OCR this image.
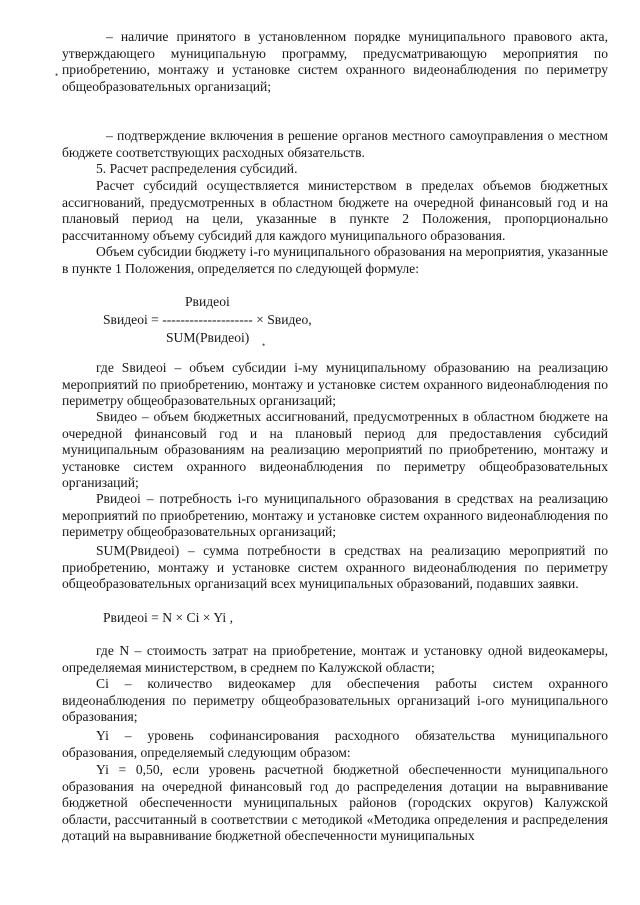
– наличие принятого в установленном порядке муниципального правового акта, утверждающего муниципальную программу, предусматривающую мероприятия по приобретению, монтажу и установке систем охранного видеонаблюдения по периметру общеобразовательных организаций;

•

– подтверждение включения в решение органов местного самоуправления о местном бюджете соответствующих расходных обязательств.

5. Расчет распределения субсидий.

Расчет субсидий осуществляется министерством в пределах объемов бюджетных ассигнований, предусмотренных в областном бюджете на очередной финансовый год и на плановый период на цели, указанные в пункте 2 Положения, пропорционально рассчитанному объему субсидий для каждого муниципального образования.

Объем субсидии бюджету i-го муниципального образования на мероприятия, указанные в пункте 1 Положения, определяется по следующей формуле:

Pвидеоi
Sвидеоi = -------------------- × Sвидео,
SUM(Pвидеоi) •

где Sвидеоi – объем субсидии i-му муниципальному образованию на реализацию мероприятий по приобретению, монтажу и установке систем охранного видеонаблюдения по периметру общеобразовательных организаций;

Sвидео – объем бюджетных ассигнований, предусмотренных в областном бюджете на очередной финансовый год и на плановый период для предоставления субсидий муниципальным образованиям на реализацию мероприятий по приобретению, монтажу и установке систем охранного видеонаблюдения по периметру общеобразовательных организаций;

Pвидеоi – потребность i-го муниципального образования в средствах на реализацию мероприятий по приобретению, монтажу и установке систем охранного видеонаблюдения по периметру общеобразовательных организаций;

SUM(Pвидеоi) – сумма потребности в средствах на реализацию мероприятий по приобретению, монтажу и установке систем охранного видеонаблюдения по периметру общеобразовательных организаций всех муниципальных образований, подавших заявки.

Pвидеоi = N × Ci × Yi ,

где N – стоимость затрат на приобретение, монтаж и установку одной видеокамеры, определяемая министерством, в среднем по Калужской области;

Ci – количество видеокамер для обеспечения работы систем охранного видеонаблюдения по периметру общеобразовательных организаций i-ого муниципального образования;

Yi – уровень софинансирования расходного обязательства муниципального образования, определяемый следующим образом:

Yi = 0,50, если уровень расчетной бюджетной обеспеченности муниципального образования на очередной финансовый год до распределения дотации на выравнивание бюджетной обеспеченности муниципальных районов (городских округов) Калужской области, рассчитанный в соответствии с методикой «Методика определения и распределения дотаций на выравнивание бюджетной обеспеченности муниципальных
